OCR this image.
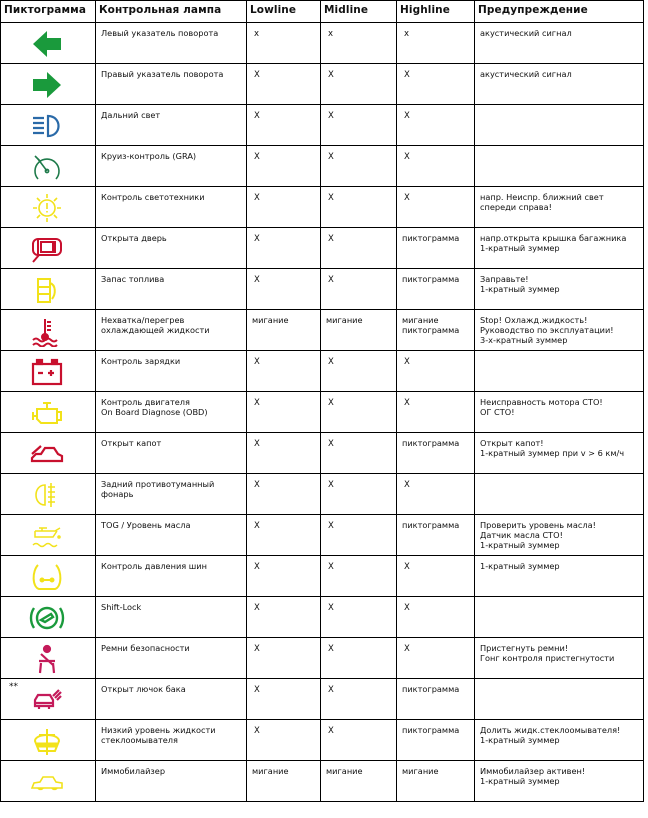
Пиктограмма	Контрольная лампа	Lowline	Midline	Highline	Предупреждение

Левый указатель поворота	x	x	x	акустический сигнал

Правый указатель поворота	X	X	X	акустический сигнал

Дальний свет	X	X	X	

Круиз-контроль (GRA)	X	X	X	

Контроль светотехники	X	X	X	напр. Неиспр. ближний свет
спереди справа!

Открыта дверь	X	X	пиктограмма	напр.открыта крышка багажника
1-кратный зуммер

Запас топлива	X	X	пиктограмма	Заправьте!
1-кратный зуммер

Нехватка/перегрев
охлаждающей жидкости	мигание	мигание	мигание
пиктограмма	Stop! Охлажд.жидкость!
Руководство по эксплуатации!
3-х-кратный зуммер

Контроль зарядки	X	X	X	

Контроль двигателя
On Board Diagnose (OBD)	X	X	X	Неисправность мотора СТО!
ОГ СТО!

Открыт капот	X	X	пиктограмма	Открыт капот!
1-кратный зуммер при v > 6 км/ч

Задний противотуманный
фонарь	X	X	X	

TOG / Уровень масла	X	X	пиктограмма	Проверить уровень масла!
Датчик масла СТО!
1-кратный зуммер

Контроль давления шин	X	X	X	1-кратный зуммер

Shift-Lock	X	X	X	

Ремни безопасности	X	X	X	Пристегнуть ремни!
Гонг контроля пристегнутости

**	Открыт лючок бака	X	X	пиктограмма	

Низкий уровень жидкости
стеклоомывателя	X	X	пиктограмма	Долить жидк.стеклоомывателя!
1-кратный зуммер

Иммобилайзер	мигание	мигание	мигание	Иммобилайзер активен!
1-кратный зуммер
